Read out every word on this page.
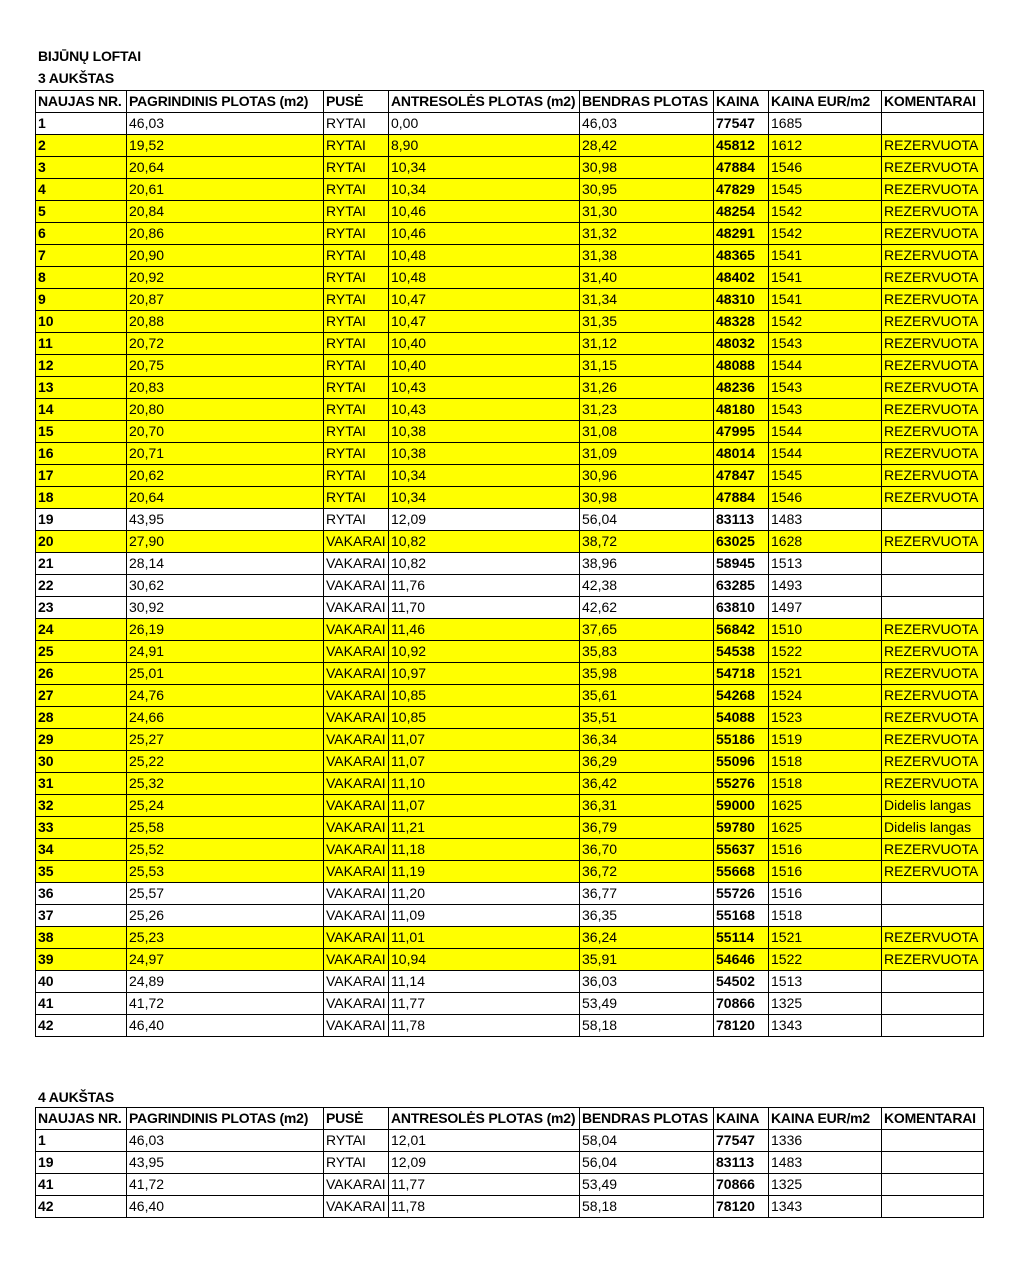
BIJŪNŲ LOFTAI
3 AUKŠTAS
NAUJAS NR.	PAGRINDINIS PLOTAS (m2)	PUSĖ	ANTRESOLĖS PLOTAS (m2)	BENDRAS PLOTAS	KAINA	KAINA EUR/m2	KOMENTARAI
1	46,03	RYTAI	0,00	46,03	77547	1685	
2	19,52	RYTAI	8,90	28,42	45812	1612	REZERVUOTA
3	20,64	RYTAI	10,34	30,98	47884	1546	REZERVUOTA
4	20,61	RYTAI	10,34	30,95	47829	1545	REZERVUOTA
5	20,84	RYTAI	10,46	31,30	48254	1542	REZERVUOTA
6	20,86	RYTAI	10,46	31,32	48291	1542	REZERVUOTA
7	20,90	RYTAI	10,48	31,38	48365	1541	REZERVUOTA
8	20,92	RYTAI	10,48	31,40	48402	1541	REZERVUOTA
9	20,87	RYTAI	10,47	31,34	48310	1541	REZERVUOTA
10	20,88	RYTAI	10,47	31,35	48328	1542	REZERVUOTA
11	20,72	RYTAI	10,40	31,12	48032	1543	REZERVUOTA
12	20,75	RYTAI	10,40	31,15	48088	1544	REZERVUOTA
13	20,83	RYTAI	10,43	31,26	48236	1543	REZERVUOTA
14	20,80	RYTAI	10,43	31,23	48180	1543	REZERVUOTA
15	20,70	RYTAI	10,38	31,08	47995	1544	REZERVUOTA
16	20,71	RYTAI	10,38	31,09	48014	1544	REZERVUOTA
17	20,62	RYTAI	10,34	30,96	47847	1545	REZERVUOTA
18	20,64	RYTAI	10,34	30,98	47884	1546	REZERVUOTA
19	43,95	RYTAI	12,09	56,04	83113	1483	
20	27,90	VAKARAI	10,82	38,72	63025	1628	REZERVUOTA
21	28,14	VAKARAI	10,82	38,96	58945	1513	
22	30,62	VAKARAI	11,76	42,38	63285	1493	
23	30,92	VAKARAI	11,70	42,62	63810	1497	
24	26,19	VAKARAI	11,46	37,65	56842	1510	REZERVUOTA
25	24,91	VAKARAI	10,92	35,83	54538	1522	REZERVUOTA
26	25,01	VAKARAI	10,97	35,98	54718	1521	REZERVUOTA
27	24,76	VAKARAI	10,85	35,61	54268	1524	REZERVUOTA
28	24,66	VAKARAI	10,85	35,51	54088	1523	REZERVUOTA
29	25,27	VAKARAI	11,07	36,34	55186	1519	REZERVUOTA
30	25,22	VAKARAI	11,07	36,29	55096	1518	REZERVUOTA
31	25,32	VAKARAI	11,10	36,42	55276	1518	REZERVUOTA
32	25,24	VAKARAI	11,07	36,31	59000	1625	Didelis langas
33	25,58	VAKARAI	11,21	36,79	59780	1625	Didelis langas
34	25,52	VAKARAI	11,18	36,70	55637	1516	REZERVUOTA
35	25,53	VAKARAI	11,19	36,72	55668	1516	REZERVUOTA
36	25,57	VAKARAI	11,20	36,77	55726	1516	
37	25,26	VAKARAI	11,09	36,35	55168	1518	
38	25,23	VAKARAI	11,01	36,24	55114	1521	REZERVUOTA
39	24,97	VAKARAI	10,94	35,91	54646	1522	REZERVUOTA
40	24,89	VAKARAI	11,14	36,03	54502	1513	
41	41,72	VAKARAI	11,77	53,49	70866	1325	
42	46,40	VAKARAI	11,78	58,18	78120	1343	
4 AUKŠTAS
NAUJAS NR.	PAGRINDINIS PLOTAS (m2)	PUSĖ	ANTRESOLĖS PLOTAS (m2)	BENDRAS PLOTAS	KAINA	KAINA EUR/m2	KOMENTARAI
1	46,03	RYTAI	12,01	58,04	77547	1336	
19	43,95	RYTAI	12,09	56,04	83113	1483	
41	41,72	VAKARAI	11,77	53,49	70866	1325	
42	46,40	VAKARAI	11,78	58,18	78120	1343	
